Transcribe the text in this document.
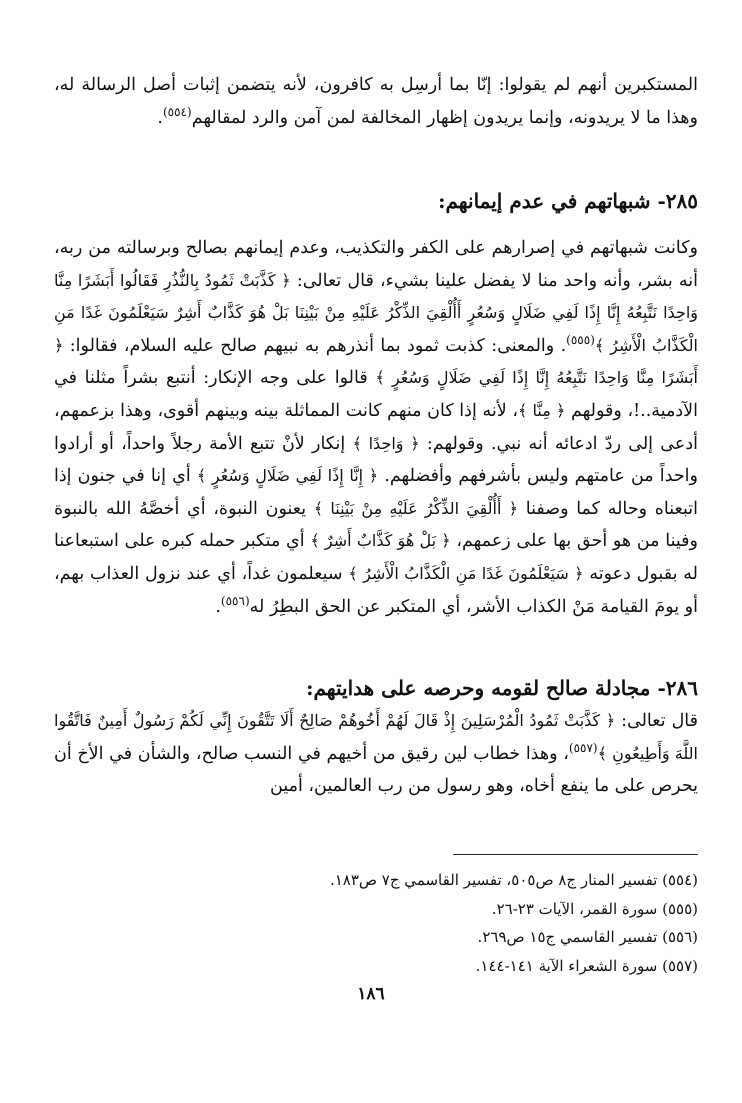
المستكبرين أنهم لم يقولوا: إنّا بما أرسِل به كافرون، لأنه يتضمن إثبات أصل الرسالة له، وهذا ما لا يريدونه، وإنما يريدون إظهار المخالفة لمن آمن والرد لمقالهم$^{(٥٥٤)}$.

٢٨٥- شبهاتهم في عدم إيمانهم:

وكانت شبهاتهم في إصرارهم على الكفر والتكذيب، وعدم إيمانهم بصالح وبرسالته من ربه، أنه بشر، وأنه واحد منا لا يفضل علينا بشيء، قال تعالى: ﴿ كَذَّبَتْ ثَمُودُ بِالنُّذُرِ فَقَالُوا أَبَشَرًا مِنَّا وَاحِدًا نَتَّبِعُهُ إِنَّا إِذًا لَفِي ضَلَالٍ وَسُعُرٍ أَأُلْقِيَ الذِّكْرُ عَلَيْهِ مِنْ بَيْنِنَا بَلْ هُوَ كَذَّابٌ أَشِرٌ سَيَعْلَمُونَ غَدًا مَنِ الْكَذَّابُ الْأَشِرُ ﴾$^{(٥٥٥)}$. والمعنى: كذبت ثمود بما أنذرهم به نبيهم صالح عليه السلام، فقالوا: ﴿ أَبَشَرًا مِنَّا وَاحِدًا نَتَّبِعُهُ إِنَّا إِذًا لَفِي ضَلَالٍ وَسُعُرٍ ﴾ قالوا على وجه الإنكار: أنتبع بشراً مثلنا في الآدمية..!، وقولهم ﴿ مِنَّا ﴾، لأنه إذا كان منهم كانت المماثلة بينه وبينهم أقوى، وهذا بزعمهم، أدعى إلى ردّ ادعائه أنه نبي. وقولهم: ﴿ وَاحِدًا ﴾ إنكار لأنْ تتبع الأمة رجلاً واحداً، أو أرادوا واحداً من عامتهم وليس بأشرفهم وأفضلهم. ﴿ إِنَّا إِذًا لَفِي ضَلَالٍ وَسُعُرٍ ﴾ أي إنا في جنون إذا اتبعناه وحاله كما وصفنا ﴿ أَأُلْقِيَ الذِّكْرُ عَلَيْهِ مِنْ بَيْنِنَا ﴾ يعنون النبوة، أي أخصَّهُ الله بالنبوة وفينا من هو أحق بها على زعمهم، ﴿ بَلْ هُوَ كَذَّابٌ أَشِرٌ ﴾ أي متكبر حمله كبره على استبعاعنا له بقبول دعوته ﴿ سَيَعْلَمُونَ غَدًا مَنِ الْكَذَّابُ الْأَشِرُ ﴾ سيعلمون غداً، أي عند نزول العذاب بهم، أو يومَ القيامة مَنْ الكذاب الأشر، أي المتكبر عن الحق البطِرُ له$^{(٥٥٦)}$.

٢٨٦- مجادلة صالح لقومه وحرصه على هدايتهم:

قال تعالى: ﴿ كَذَّبَتْ ثَمُودُ الْمُرْسَلِينَ إِذْ قَالَ لَهُمْ أَخُوهُمْ صَالِحٌ أَلَا تَتَّقُونَ إِنِّي لَكُمْ رَسُولٌ أَمِينٌ فَاتَّقُوا اللَّهَ وَأَطِيعُونِ ﴾$^{(٥٥٧)}$، وهذا خطاب لين رقيق من أخيهم في النسب صالح، والشأن في الأخ أن يحرص على ما ينفع أخاه، وهو رسول من رب العالمين، أمين

(٥٥٤) تفسير المنار ج٨ ص٥٠٥، تفسير القاسمي ج٧ ص١٨٣.
(٥٥٥) سورة القمر، الآيات ٢٣-٢٦.
(٥٥٦) تفسير القاسمي ج١٥ ص٢٦٩.
(٥٥٧) سورة الشعراء الآية ١٤١-١٤٤.
١٨٦
